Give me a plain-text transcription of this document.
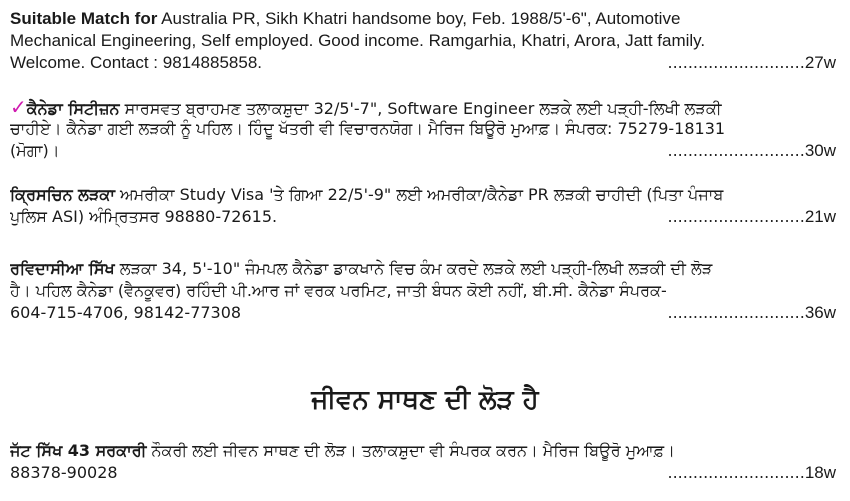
Suitable Match for Australia PR, Sikh Khatri handsome boy, Feb. 1988/5'-6", Automotive
Mechanical Engineering, Self employed. Good income. Ramgarhia, Khatri, Arora, Jatt family.
Welcome. Contact : 9814885858.	........................... 27w
✓ਕੈਨੇਡਾ ਸਿਟੀਜ਼ਨ ਸਾਰਸਵਤ ਬ੍ਰਾਹਮਣ ਤਲਾਕਸ਼ੁਦਾ 32/5'-7", Software Engineer ਲੜਕੇ ਲਈ ਪੜ੍ਹੀ-ਲਿਖੀ ਲੜਕੀ
ਚਾਹੀਏ। ਕੈਨੇਡਾ ਗਈ ਲੜਕੀ ਨੂੰ ਪਹਿਲ। ਹਿੰਦੂ ਖੱਤਰੀ ਵੀ ਵਿਚਾਰਨਯੋਗ। ਮੈਰਿਜ ਬਿਊਰੋ ਮੁਆਫ਼। ਸੰਪਰਕ: 75279-18131
(ਮੋਗਾ)।	........................... 30w
ਕ੍ਰਿਸਚਿਨ ਲੜਕਾ ਅਮਰੀਕਾ Study Visa 'ਤੇ ਗਿਆ 22/5'-9" ਲਈ ਅਮਰੀਕਾ/ਕੈਨੇਡਾ PR ਲੜਕੀ ਚਾਹੀਦੀ (ਪਿਤਾ ਪੰਜਾਬ
ਪੁਲਿਸ ASI) ਅੰਮ੍ਰਿਤਸਰ 98880-72615.	........................... 21w
ਰਵਿਦਾਸੀਆ ਸਿੱਖ ਲੜਕਾ 34, 5'-10" ਜੰਮਪਲ ਕੈਨੇਡਾ ਡਾਕਖਾਨੇ ਵਿਚ ਕੰਮ ਕਰਦੇ ਲੜਕੇ ਲਈ ਪੜ੍ਹੀ-ਲਿਖੀ ਲੜਕੀ ਦੀ ਲੋੜ
ਹੈ। ਪਹਿਲ ਕੈਨੇਡਾ (ਵੈਨਕੂਵਰ) ਰਹਿੰਦੀ ਪੀ.ਆਰ ਜਾਂ ਵਰਕ ਪਰਮਿਟ, ਜਾਤੀ ਬੰਧਨ ਕੋਈ ਨਹੀਂ, ਬੀ.ਸੀ. ਕੈਨੇਡਾ ਸੰਪਰਕ-
604-715-4706, 98142-77308	........................... 36w
ਜੀਵਨ ਸਾਥਣ ਦੀ ਲੋੜ ਹੈ
ਜੱਟ ਸਿੱਖ 43 ਸਰਕਾਰੀ ਨੌਕਰੀ ਲਈ ਜੀਵਨ ਸਾਥਣ ਦੀ ਲੋੜ। ਤਲਾਕਸ਼ੁਦਾ ਵੀ ਸੰਪਰਕ ਕਰਨ। ਮੈਰਿਜ ਬਿਊਰੋ ਮੁਆਫ਼।
88378-90028	........................... 18w
